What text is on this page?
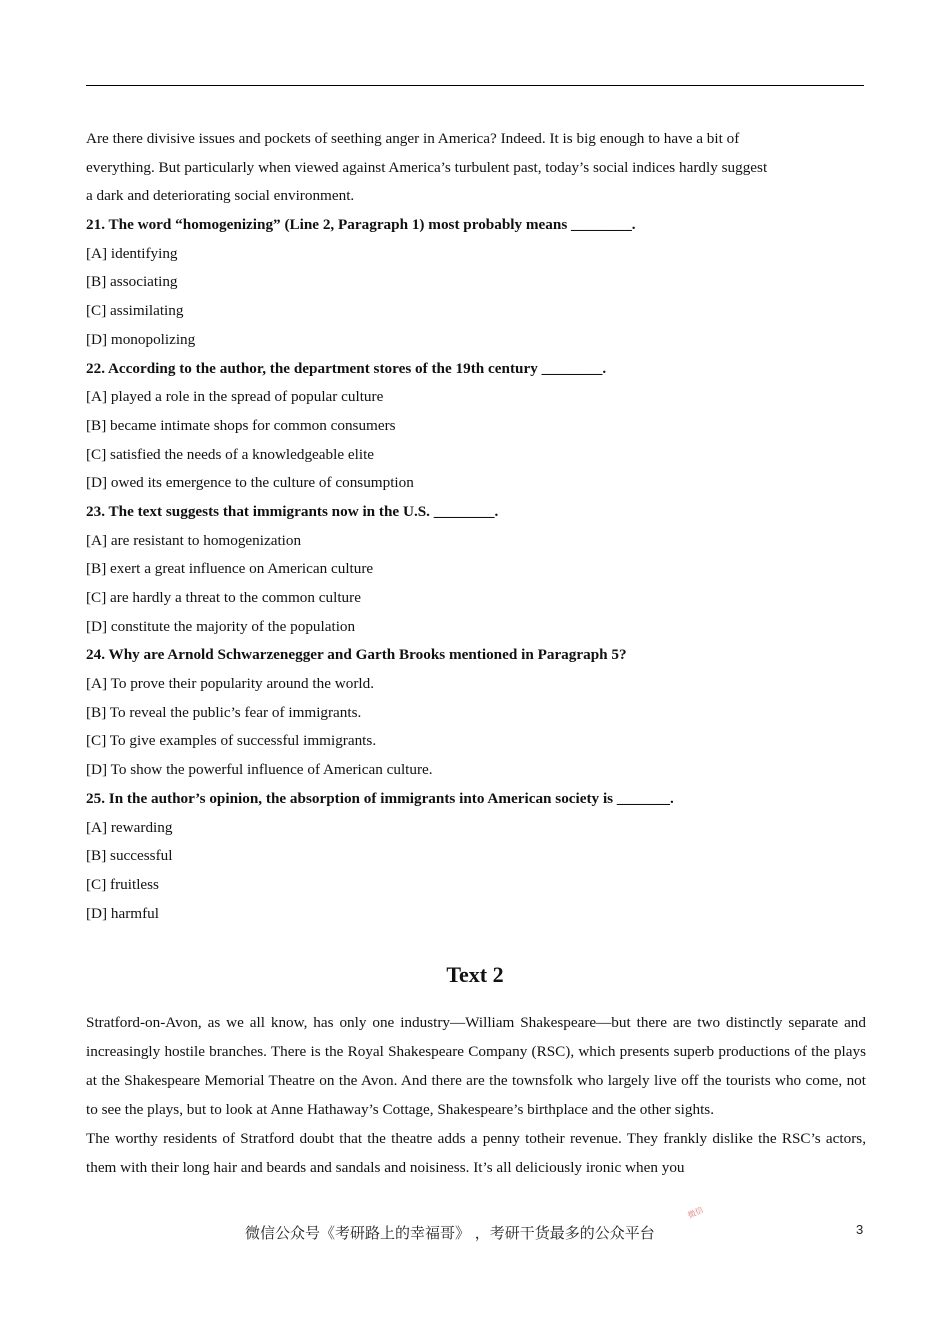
Are there divisive issues and pockets of seething anger in America? Indeed. It is big enough to have a bit of
everything. But particularly when viewed against America’s turbulent past, today’s social indices hardly suggest
a dark and deteriorating social environment.
21. The word “homogenizing” (Line 2, Paragraph 1) most probably means ________.
[A] identifying
[B] associating
[C] assimilating
[D] monopolizing
22. According to the author, the department stores of the 19th century ________.
[A] played a role in the spread of popular culture
[B] became intimate shops for common consumers
[C] satisfied the needs of a knowledgeable elite
[D] owed its emergence to the culture of consumption
23. The text suggests that immigrants now in the U.S. ________.
[A] are resistant to homogenization
[B] exert a great influence on American culture
[C] are hardly a threat to the common culture
[D] constitute the majority of the population
24. Why are Arnold Schwarzenegger and Garth Brooks mentioned in Paragraph 5?
[A] To prove their popularity around the world.
[B] To reveal the public’s fear of immigrants.
[C] To give examples of successful immigrants.
[D] To show the powerful influence of American culture.
25. In the author’s opinion, the absorption of immigrants into American society is _______.
[A] rewarding
[B] successful
[C] fruitless
[D] harmful
Text 2

Stratford-on-Avon, as we all know, has only one industry—William Shakespeare—but there are two distinctly separate and increasingly hostile branches. There is the Royal Shakespeare Company (RSC), which presents superb productions of the plays at the Shakespeare Memorial Theatre on the Avon. And there are the townsfolk who largely live off the tourists who come, not to see the plays, but to look at Anne Hathaway’s Cottage, Shakespeare’s birthplace and the other sights.

The worthy residents of Stratford doubt that the theatre adds a penny totheir revenue. They frankly dislike the RSC’s actors, them with their long hair and beards and sandals and noisiness. It’s all deliciously ironic when you

微信
微信公众号《考研路上的幸福哥》 ，考研干货最多的公众平台	3
